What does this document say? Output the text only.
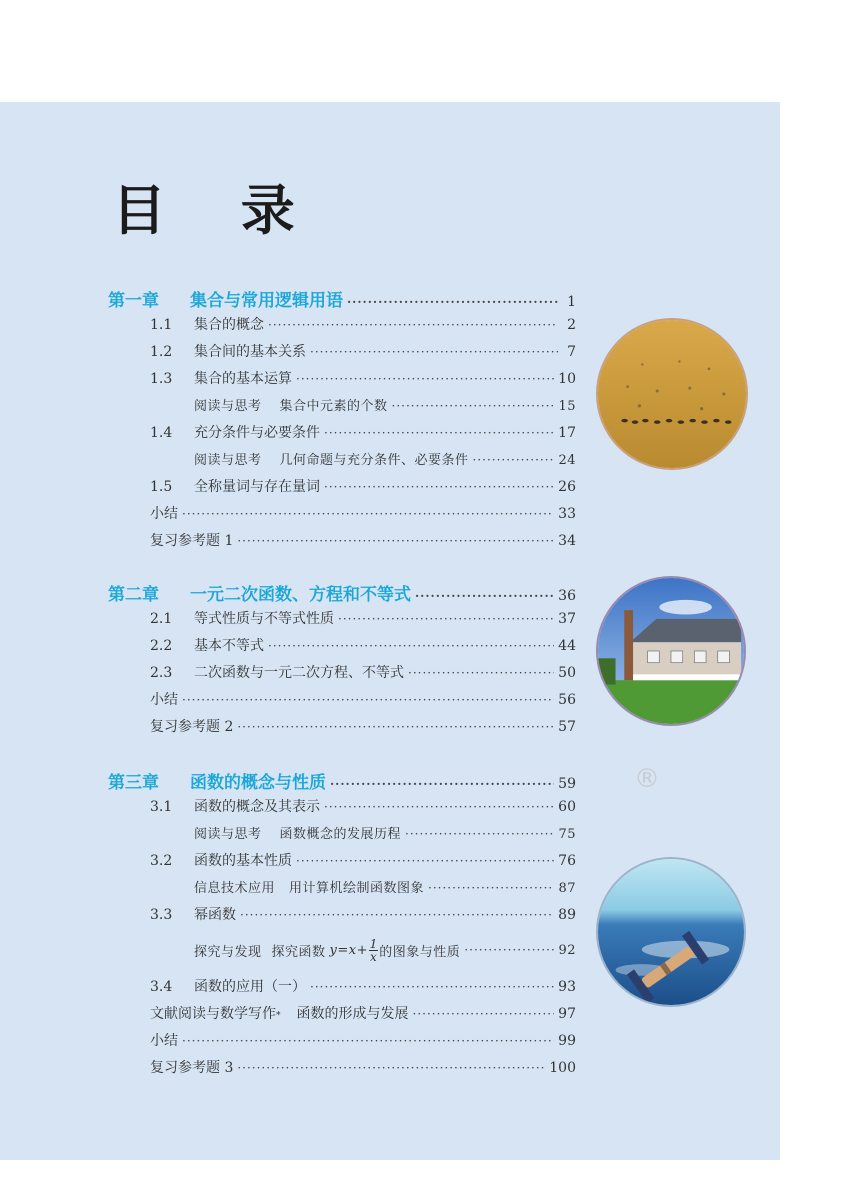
目 录
第一章	集合与常用逻辑用语 ·····	1
1.1	集合的概念 ·····	2
1.2	集合间的基本关系 ·····	7
1.3	集合的基本运算 ·····	10
阅读与思考 集合中元素的个数 ·····	15
1.4	充分条件与必要条件 ·····	17
阅读与思考 几何命题与充分条件、必要条件 ·····	24
1.5	全称量词与存在量词 ·····	26
小结 ·····	33
复习参考题 1 ·····	34
第二章	一元二次函数、方程和不等式 ·····	36
2.1	等式性质与不等式性质 ·····	37
2.2	基本不等式 ·····	44
2.3	二次函数与一元二次方程、不等式 ·····	50
小结 ·····	56
复习参考题 2 ·····	57
第三章	函数的概念与性质 ·····	59
3.1	函数的概念及其表示 ·····	60
阅读与思考 函数概念的发展历程 ·····	75
3.2	函数的基本性质 ·····	76
信息技术应用 用计算机绘制函数图象 ·····	87
3.3	幂函数 ·····	89
探究与发现 探究函数 $y =x+ \frac{1}{x}$ 的图象与性质 ·····	92
3.4	函数的应用（一） ·····	93
文献阅读与数学写作$_*$ 函数的形成与发展 ·····	97
小结 ·····	99
复习参考题 3 ·····	100
®
